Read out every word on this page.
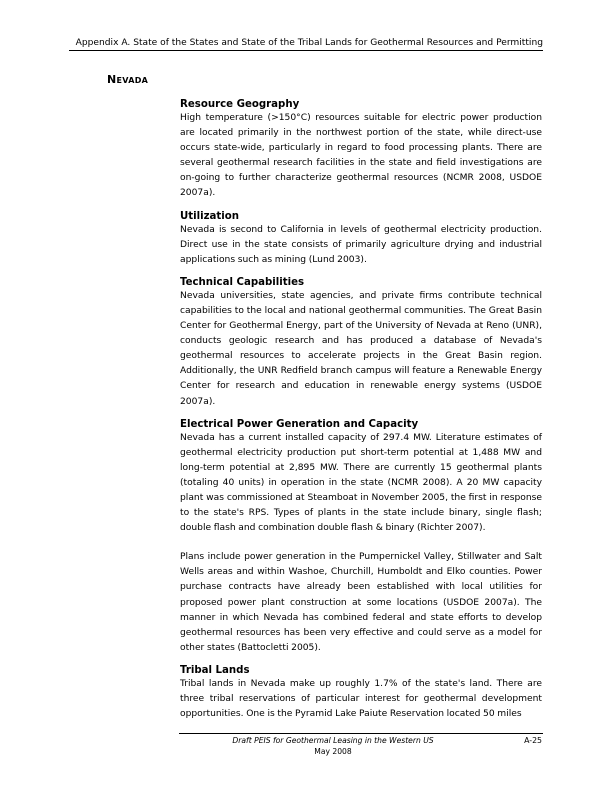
Appendix A. State of the States and State of the Tribal Lands for Geothermal Resources and Permitting
Nevada
Resource Geography

High temperature (>150°C) resources suitable for electric power production are located primarily in the northwest portion of the state, while direct-use occurs state-wide, particularly in regard to food processing plants. There are several geothermal research facilities in the state and field investigations are on-going to further characterize geothermal resources (NCMR 2008, USDOE 2007a).

Utilization

Nevada is second to California in levels of geothermal electricity production. Direct use in the state consists of primarily agriculture drying and industrial applications such as mining (Lund 2003).

Technical Capabilities

Nevada universities, state agencies, and private firms contribute technical capabilities to the local and national geothermal communities. The Great Basin Center for Geothermal Energy, part of the University of Nevada at Reno (UNR), conducts geologic research and has produced a database of Nevada's geothermal resources to accelerate projects in the Great Basin region. Additionally, the UNR Redfield branch campus will feature a Renewable Energy Center for research and education in renewable energy systems (USDOE 2007a).

Electrical Power Generation and Capacity

Nevada has a current installed capacity of 297.4 MW. Literature estimates of geothermal electricity production put short-term potential at 1,488 MW and long-term potential at 2,895 MW. There are currently 15 geothermal plants (totaling 40 units) in operation in the state (NCMR 2008). A 20 MW capacity plant was commissioned at Steamboat in November 2005, the first in response to the state's RPS. Types of plants in the state include binary, single flash; double flash and combination double flash & binary (Richter 2007).

Plans include power generation in the Pumpernickel Valley, Stillwater and Salt Wells areas and within Washoe, Churchill, Humboldt and Elko counties. Power purchase contracts have already been established with local utilities for proposed power plant construction at some locations (USDOE 2007a). The manner in which Nevada has combined federal and state efforts to develop geothermal resources has been very effective and could serve as a model for other states (Battocletti 2005).

Tribal Lands

Tribal lands in Nevada make up roughly 1.7% of the state's land. There are three tribal reservations of particular interest for geothermal development opportunities. One is the Pyramid Lake Paiute Reservation located 50 miles

Draft PEIS for Geothermal Leasing in the Western US	A-25
May 2008
